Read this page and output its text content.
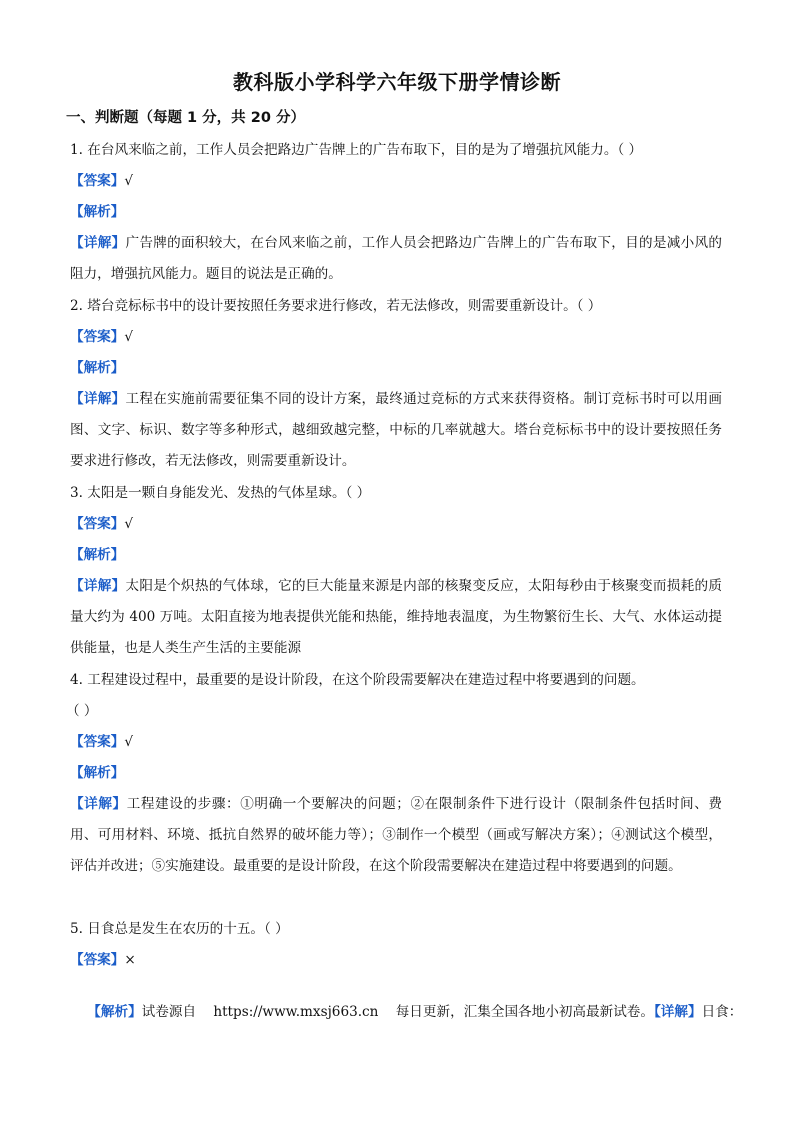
教科版小学科学六年级下册学情诊断
一、判断题（每题 1 分，共 20 分）
1. 在台风来临之前，工作人员会把路边广告牌上的广告布取下，目的是为了增强抗风能力。（ ）
【答案】√
【解析】
【详解】广告牌的面积较大，在台风来临之前，工作人员会把路边广告牌上的广告布取下，目的是减小风的阻力，增强抗风能力。题目的说法是正确的。
2. 塔台竞标标书中的设计要按照任务要求进行修改，若无法修改，则需要重新设计。（ ）
【答案】√
【解析】
【详解】工程在实施前需要征集不同的设计方案，最终通过竞标的方式来获得资格。制订竞标书时可以用画图、文字、标识、数字等多种形式，越细致越完整，中标的几率就越大。塔台竞标标书中的设计要按照任务要求进行修改，若无法修改，则需要重新设计。
3. 太阳是一颗自身能发光、发热的气体星球。（ ）
【答案】√
【解析】
【详解】太阳是个炽热的气体球，它的巨大能量来源是内部的核聚变反应，太阳每秒由于核聚变而损耗的质量大约为 400 万吨。太阳直接为地表提供光能和热能，维持地表温度，为生物繁衍生长、大气、水体运动提供能量，也是人类生产生活的主要能源
4. 工程建设过程中，最重要的是设计阶段，在这个阶段需要解决在建造过程中将要遇到的问题。
（ ）
【答案】√
【解析】
【详解】工程建设的步骤：①明确一个要解决的问题；②在限制条件下进行设计（限制条件包括时间、费用、可用材料、环境、抵抗自然界的破坏能力等）；③制作一个模型（画或写解决方案）；④测试这个模型，评估并改进；⑤实施建设。最重要的是设计阶段，在这个阶段需要解决在建造过程中将要遇到的问题。
5. 日食总是发生在农历的十五。（ ）
【答案】×

【解析】试卷源自    https://www.mxsj663.cn    每日更新，汇集全国各地小初高最新试卷。【详解】日食：
